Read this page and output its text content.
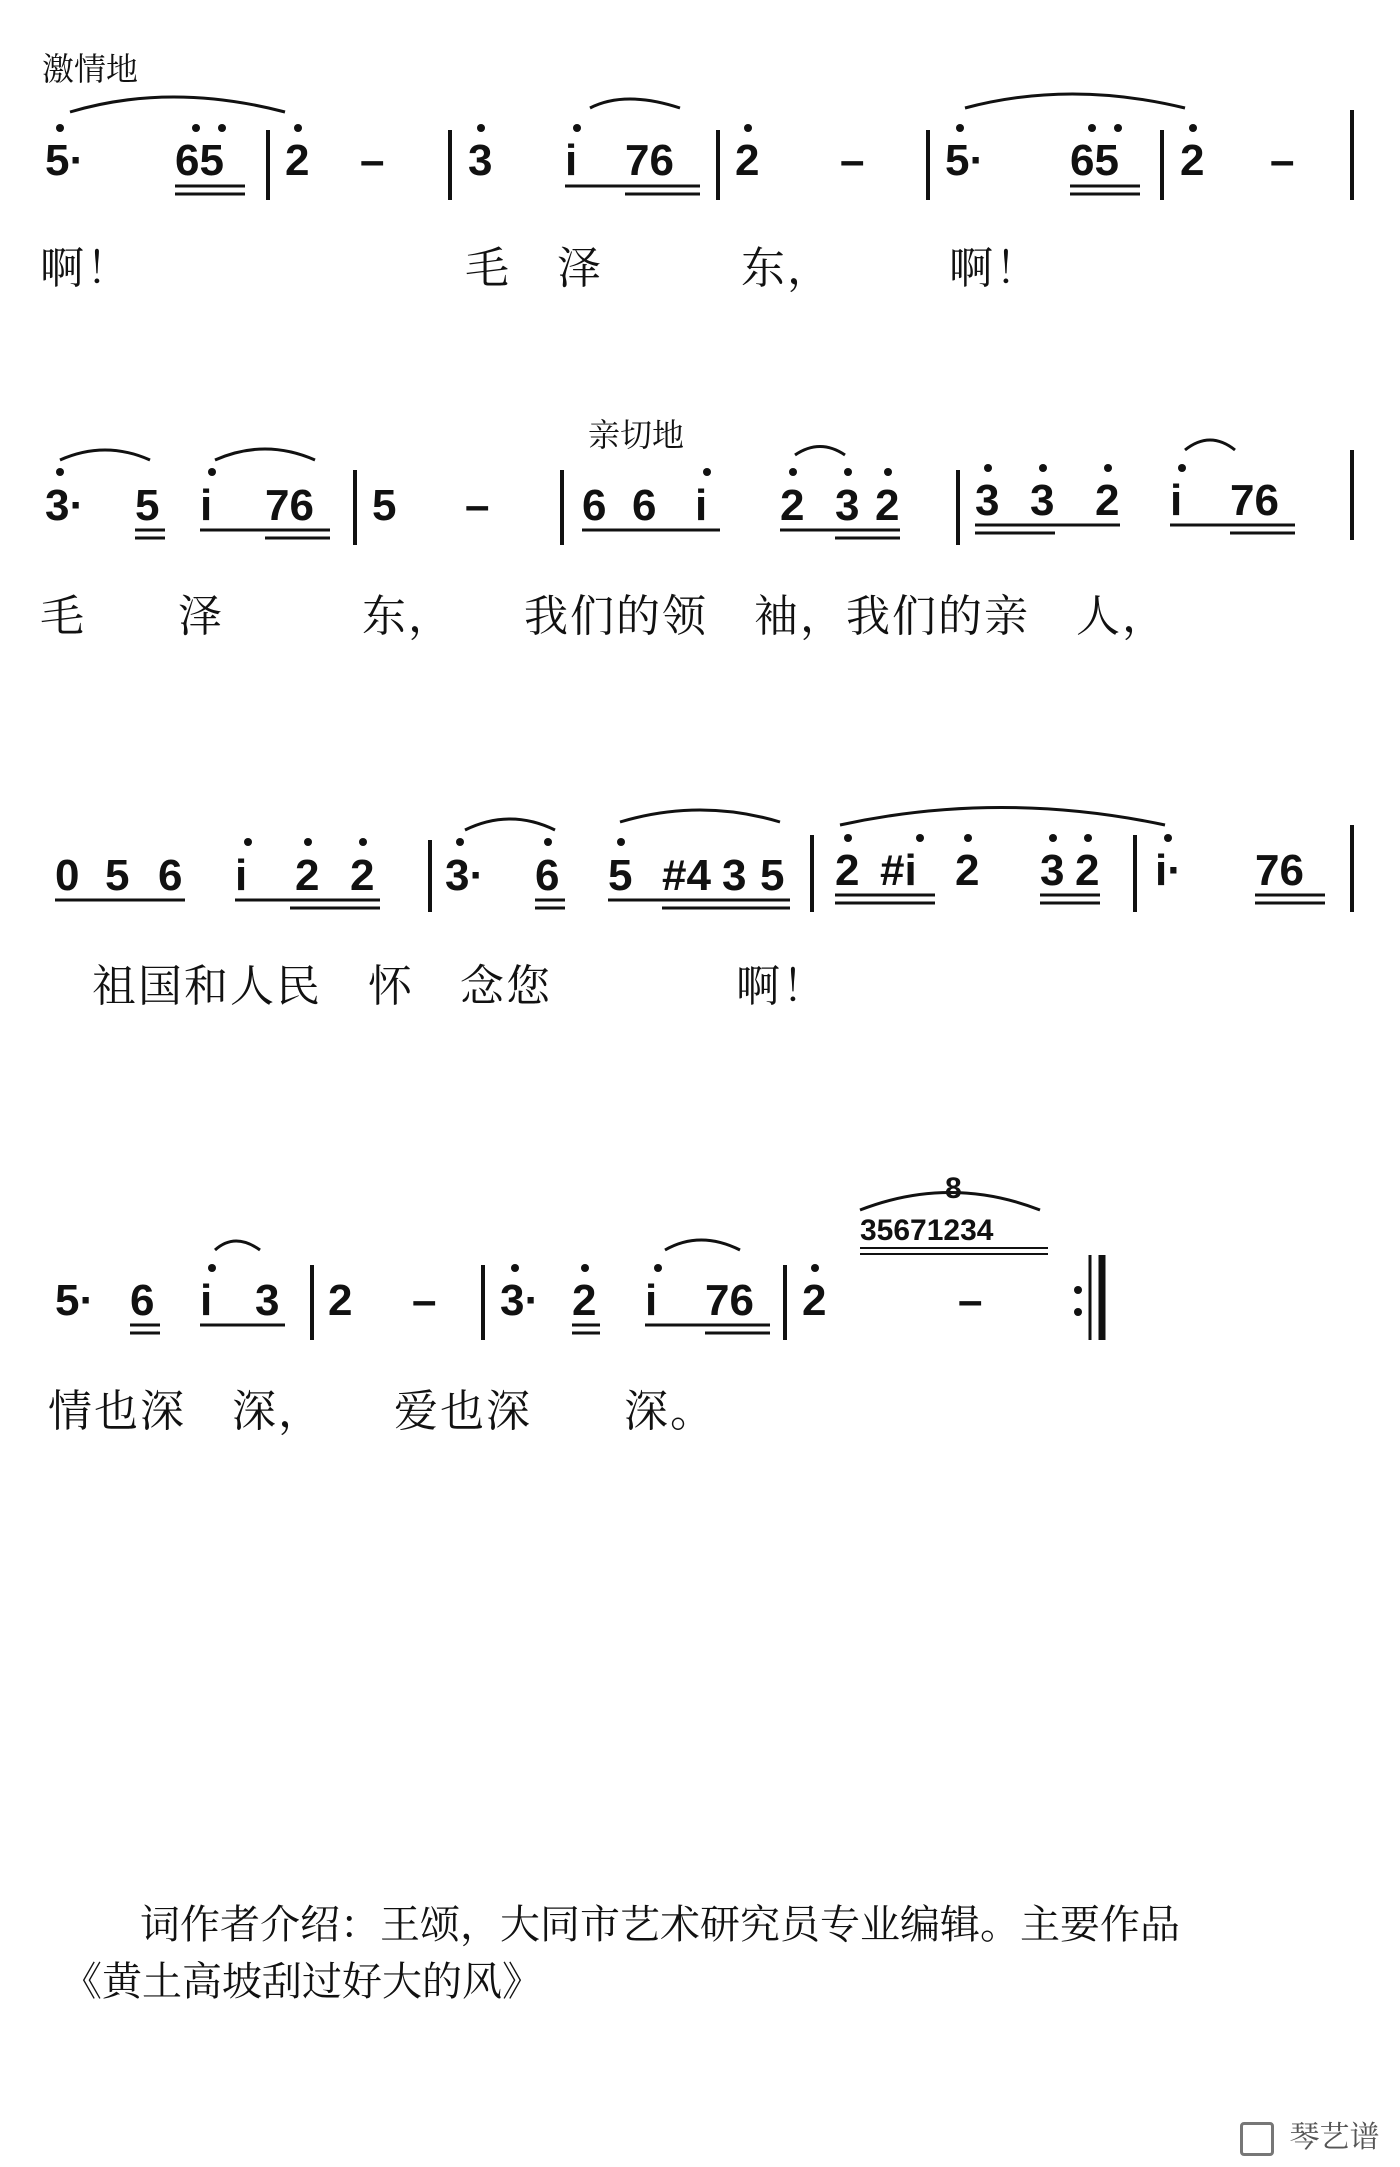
激情地
亲切地
5· 65 2 – 3 i 76 2 – 5· 65 2 –
3· 5 i 76 5 – 6 6 i 2 3 2 3 3 2 i 76
0 5 6 i 2 2 3· 6 5 #4 3 5 2 #i 2 3 2 i· 76
5· 6 i 3 2 – 3· 2 i 76 2
8
35671234
–
啊！	毛　泽　　　东，　　　啊！
毛　　泽　　　东，　　我们的领　袖，我们的亲　人，
祖国和人民　怀　念您　　　　啊！
情也深　深，　　爱也深　　深。
词作者介绍：王颂，大同市艺术研究员专业编辑。主要作品
《黄土高坡刮过好大的风》
琴艺谱
